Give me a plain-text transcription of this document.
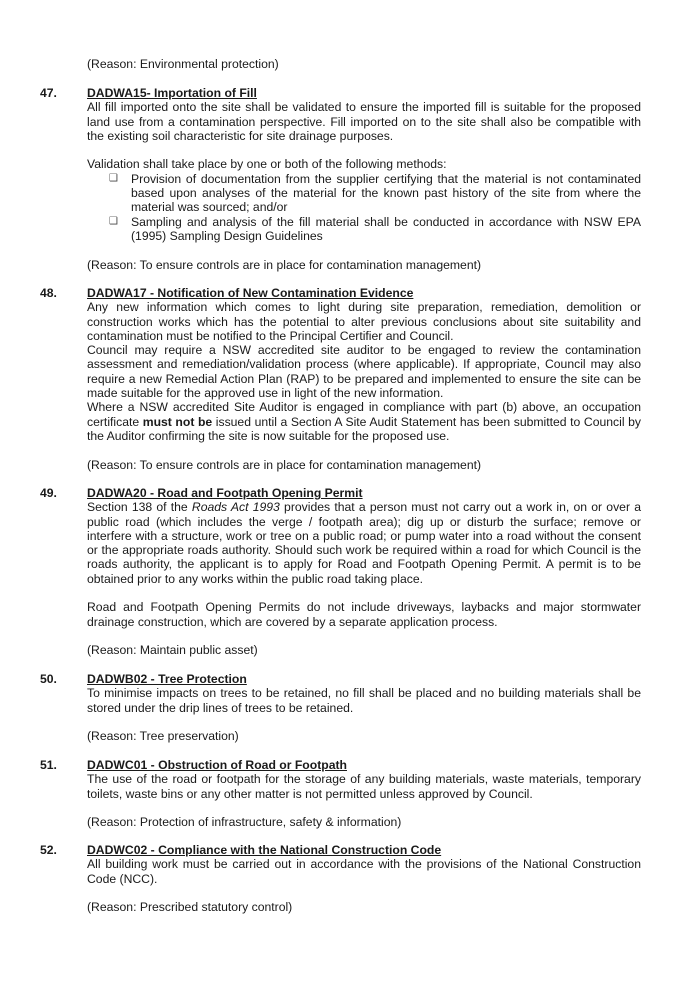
(Reason: Environmental protection)
47. DADWA15- Importation of Fill

All fill imported onto the site shall be validated to ensure the imported fill is suitable for the proposed land use from a contamination perspective. Fill imported on to the site shall also be compatible with the existing soil characteristic for site drainage purposes.

Validation shall take place by one or both of the following methods:

❑ Provision of documentation from the supplier certifying that the material is not contaminated based upon analyses of the material for the known past history of the site from where the material was sourced; and/or
❑ Sampling and analysis of the fill material shall be conducted in accordance with NSW EPA (1995) Sampling Design Guidelines

(Reason: To ensure controls are in place for contamination management)

48. DADWA17 - Notification of New Contamination Evidence

Any new information which comes to light during site preparation, remediation, demolition or construction works which has the potential to alter previous conclusions about site suitability and contamination must be notified to the Principal Certifier and Council.

Council may require a NSW accredited site auditor to be engaged to review the contamination assessment and remediation/validation process (where applicable). If appropriate, Council may also require a new Remedial Action Plan (RAP) to be prepared and implemented to ensure the site can be made suitable for the approved use in light of the new information.

Where a NSW accredited Site Auditor is engaged in compliance with part (b) above, an occupation certificate must not be issued until a Section A Site Audit Statement has been submitted to Council by the Auditor confirming the site is now suitable for the proposed use.

(Reason: To ensure controls are in place for contamination management)

49. DADWA20 - Road and Footpath Opening Permit

Section 138 of the Roads Act 1993 provides that a person must not carry out a work in, on or over a public road (which includes the verge / footpath area); dig up or disturb the surface; remove or interfere with a structure, work or tree on a public road; or pump water into a road without the consent or the appropriate roads authority. Should such work be required within a road for which Council is the roads authority, the applicant is to apply for Road and Footpath Opening Permit. A permit is to be obtained prior to any works within the public road taking place.

Road and Footpath Opening Permits do not include driveways, laybacks and major stormwater drainage construction, which are covered by a separate application process.

(Reason: Maintain public asset)

50. DADWB02 - Tree Protection

To minimise impacts on trees to be retained, no fill shall be placed and no building materials shall be stored under the drip lines of trees to be retained.

(Reason: Tree preservation)

51. DADWC01 - Obstruction of Road or Footpath

The use of the road or footpath for the storage of any building materials, waste materials, temporary toilets, waste bins or any other matter is not permitted unless approved by Council.

(Reason: Protection of infrastructure, safety & information)

52. DADWC02 - Compliance with the National Construction Code

All building work must be carried out in accordance with the provisions of the National Construction Code (NCC).

(Reason: Prescribed statutory control)
